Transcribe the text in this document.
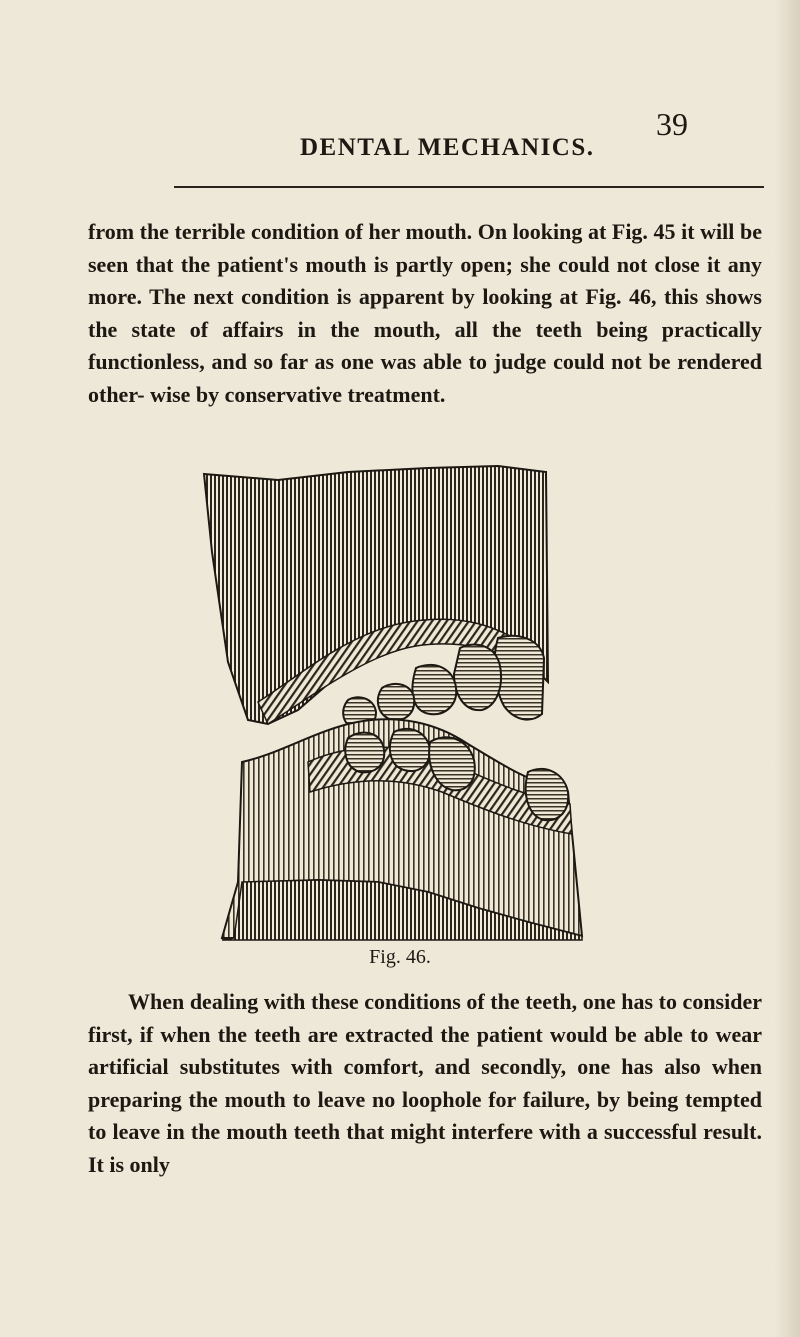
DENTAL MECHANICS.
39

from the terrible condition of her mouth. On looking at Fig. 45 it will be seen that the patient's mouth is partly open; she could not close it any more. The next condition is apparent by looking at Fig. 46, this shows the state of affairs in the mouth, all the teeth being practically functionless, and so far as one was able to judge could not be rendered other- wise by conservative treatment.

Fig. 46.

When dealing with these conditions of the teeth, one has to consider first, if when the teeth are extracted the patient would be able to wear artificial substitutes with comfort, and secondly, one has also when preparing the mouth to leave no loophole for failure, by being tempted to leave in the mouth teeth that might interfere with a successful result. It is only
